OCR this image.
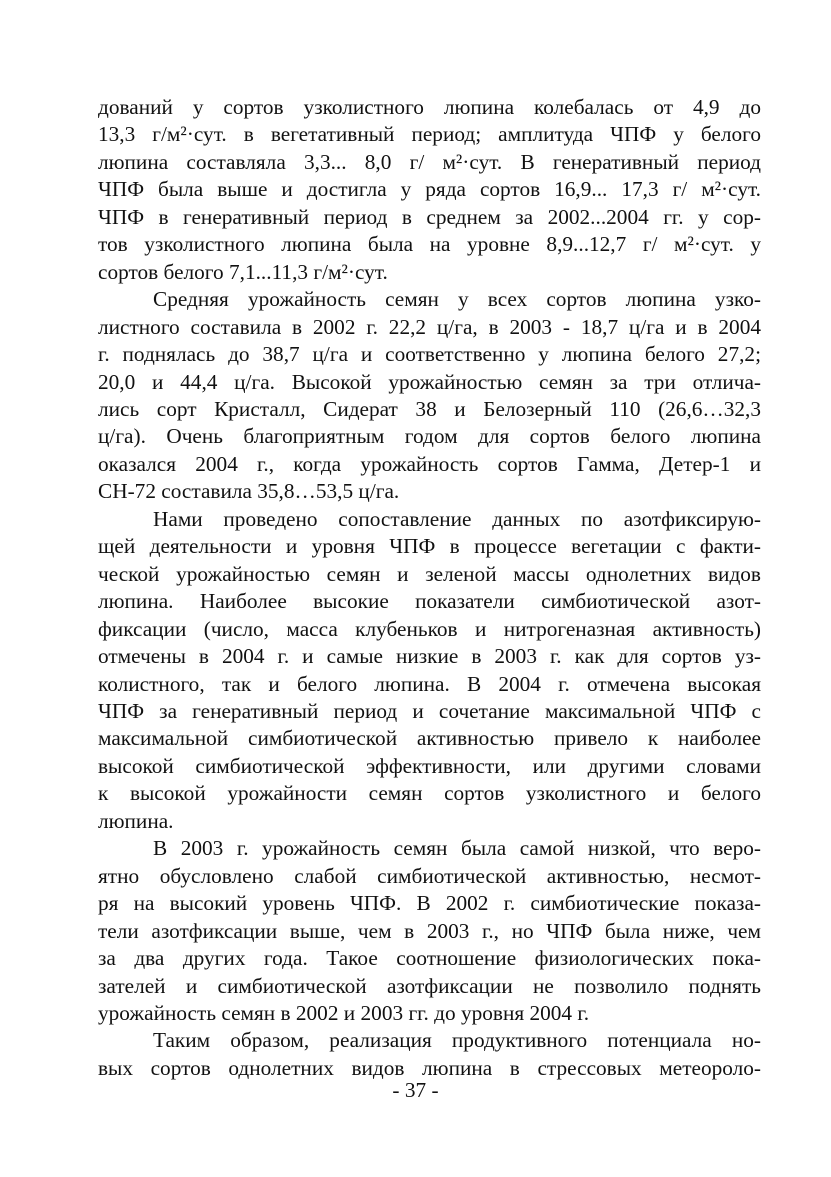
дований у сортов узколистного люпина колебалась от 4,9 до
13,3 г/м²·сут. в вегетативный период; амплитуда ЧПФ у белого
люпина составляла 3,3... 8,0 г/ м²·сут. В генеративный период
ЧПФ была выше и достигла у ряда сортов 16,9... 17,3 г/ м²·сут.
ЧПФ в генеративный период в среднем за 2002...2004 гг. у сор-
тов узколистного люпина была на уровне 8,9...12,7 г/ м²·сут. у
сортов белого 7,1...11,3 г/м²·сут.
Средняя урожайность семян у всех сортов люпина узко-
листного составила в 2002 г. 22,2 ц/га, в 2003 - 18,7 ц/га и в 2004
г. поднялась до 38,7 ц/га и соответственно у люпина белого 27,2;
20,0 и 44,4 ц/га. Высокой урожайностью семян за три отлича-
лись сорт Кристалл, Сидерат 38 и Белозерный 110 (26,6…32,3
ц/га). Очень благоприятным годом для сортов белого люпина
оказался 2004 г., когда урожайность сортов Гамма, Детер-1 и
СН-72 составила 35,8…53,5 ц/га.
Нами проведено сопоставление данных по азотфиксирую-
щей деятельности и уровня ЧПФ в процессе вегетации с факти-
ческой урожайностью семян и зеленой массы однолетних видов
люпина. Наиболее высокие показатели симбиотической азот-
фиксации (число, масса клубеньков и нитрогеназная активность)
отмечены в 2004 г. и самые низкие в 2003 г. как для сортов уз-
колистного, так и белого люпина. В 2004 г. отмечена высокая
ЧПФ за генеративный период и сочетание максимальной ЧПФ с
максимальной симбиотической активностью привело к наиболее
высокой симбиотической эффективности, или другими словами
к высокой урожайности семян сортов узколистного и белого
люпина.
В 2003 г. урожайность семян была самой низкой, что веро-
ятно обусловлено слабой симбиотической активностью, несмот-
ря на высокий уровень ЧПФ. В 2002 г. симбиотические показа-
тели азотфиксации выше, чем в 2003 г., но ЧПФ была ниже, чем
за два других года. Такое соотношение физиологических пока-
зателей и симбиотической азотфиксации не позволило поднять
урожайность семян в 2002 и 2003 гг. до уровня 2004 г.
Таким образом, реализация продуктивного потенциала но-
вых сортов однолетних видов люпина в стрессовых метеороло-
- 37 -
